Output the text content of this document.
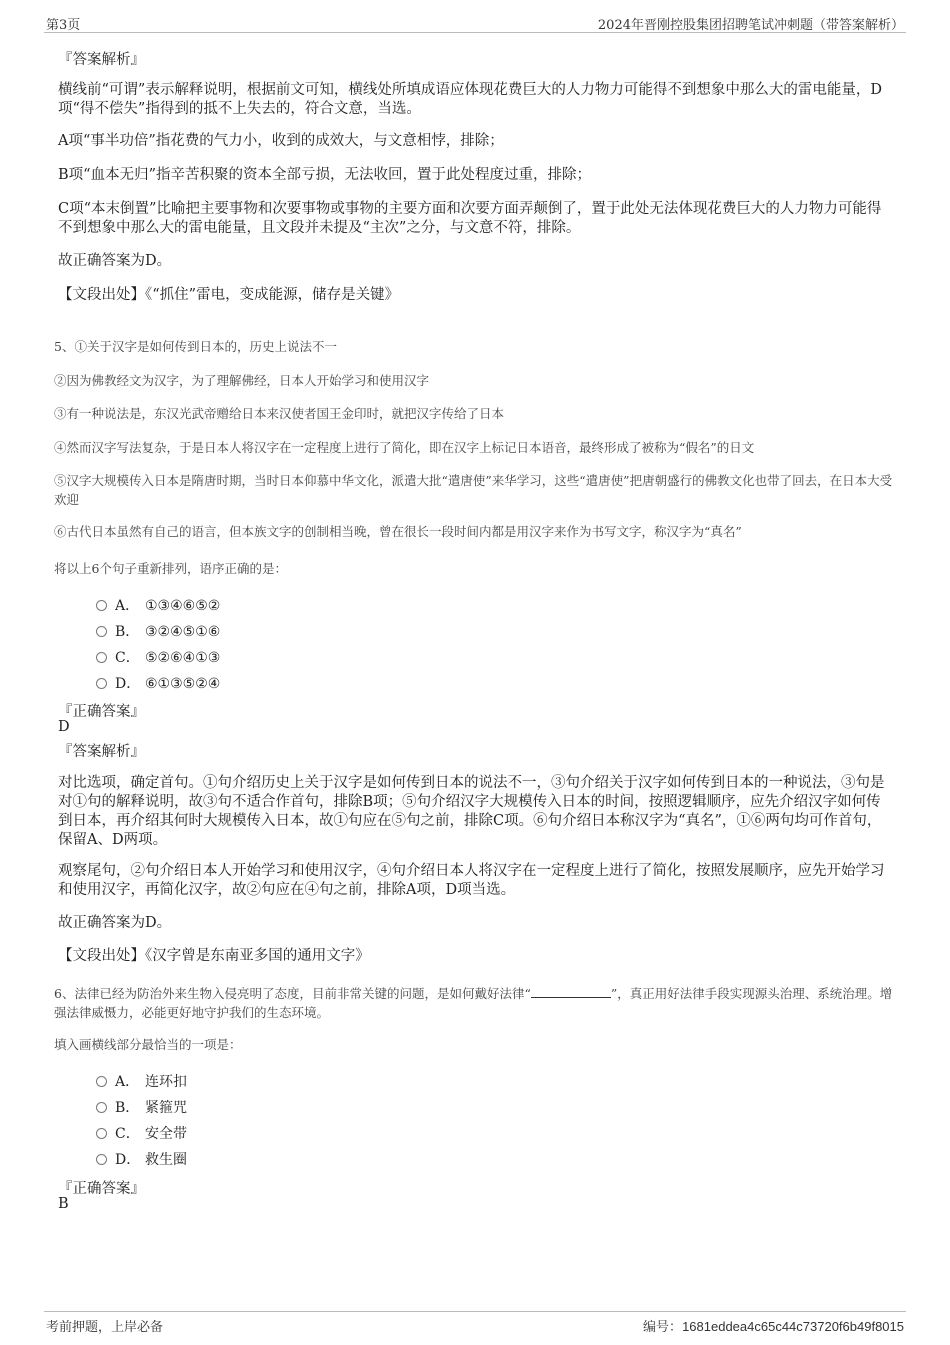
第3页	2024年晋刚控股集团招聘笔试冲刺题（带答案解析）
『答案解析』
横线前“可谓”表示解释说明，根据前文可知，横线处所填成语应体现花费巨大的人力物力可能得不到想象中那么大的雷电能量，D项“得不偿失”指得到的抵不上失去的，符合文意，当选。
A项“事半功倍”指花费的气力小，收到的成效大，与文意相悖，排除；
B项“血本无归”指辛苦积聚的资本全部亏损，无法收回，置于此处程度过重，排除；
C项“本末倒置”比喻把主要事物和次要事物或事物的主要方面和次要方面弄颠倒了，置于此处无法体现花费巨大的人力物力可能得不到想象中那么大的雷电能量，且文段并未提及“主次”之分，与文意不符，排除。
故正确答案为D。
【文段出处】《“抓住”雷电，变成能源，储存是关键》
5、①关于汉字是如何传到日本的，历史上说法不一
②因为佛教经文为汉字，为了理解佛经，日本人开始学习和使用汉字
③有一种说法是，东汉光武帝赠给日本来汉使者国王金印时，就把汉字传给了日本
④然而汉字写法复杂，于是日本人将汉字在一定程度上进行了简化，即在汉字上标记日本语音，最终形成了被称为“假名”的日文
⑤汉字大规模传入日本是隋唐时期，当时日本仰慕中华文化，派遣大批“遣唐使”来华学习，这些“遣唐使”把唐朝盛行的佛教文化也带了回去，在日本大受欢迎
⑥古代日本虽然有自己的语言，但本族文字的创制相当晚，曾在很长一段时间内都是用汉字来作为书写文字，称汉字为“真名”
将以上6个句子重新排列，语序正确的是：
A． ①③④⑥⑤②
B． ③②④⑤①⑥
C． ⑤②⑥④①③
D． ⑥①③⑤②④
『正确答案』
D
『答案解析』
对比选项，确定首句。①句介绍历史上关于汉字是如何传到日本的说法不一，③句介绍关于汉字如何传到日本的一种说法，③句是对①句的解释说明，故③句不适合作首句，排除B项；⑤句介绍汉字大规模传入日本的时间，按照逻辑顺序，应先介绍汉字如何传到日本，再介绍其何时大规模传入日本，故①句应在⑤句之前，排除C项。⑥句介绍日本称汉字为“真名”，①⑥两句均可作首句，保留A、D两项。
观察尾句，②句介绍日本人开始学习和使用汉字，④句介绍日本人将汉字在一定程度上进行了简化，按照发展顺序，应先开始学习和使用汉字，再简化汉字，故②句应在④句之前，排除A项，D项当选。
故正确答案为D。
【文段出处】《汉字曾是东南亚多国的通用文字》
6、法律已经为防治外来生物入侵亮明了态度，目前非常关键的问题，是如何戴好法律“	”，真正用好法律手段实现源头治理、系统治理。增强法律威慑力，必能更好地守护我们的生态环境。
填入画横线部分最恰当的一项是：
A． 连环扣
B． 紧箍咒
C． 安全带
D． 救生圈
『正确答案』
B
考前押题，上岸必备	编号：1681eddea4c65c44c73720f6b49f8015
